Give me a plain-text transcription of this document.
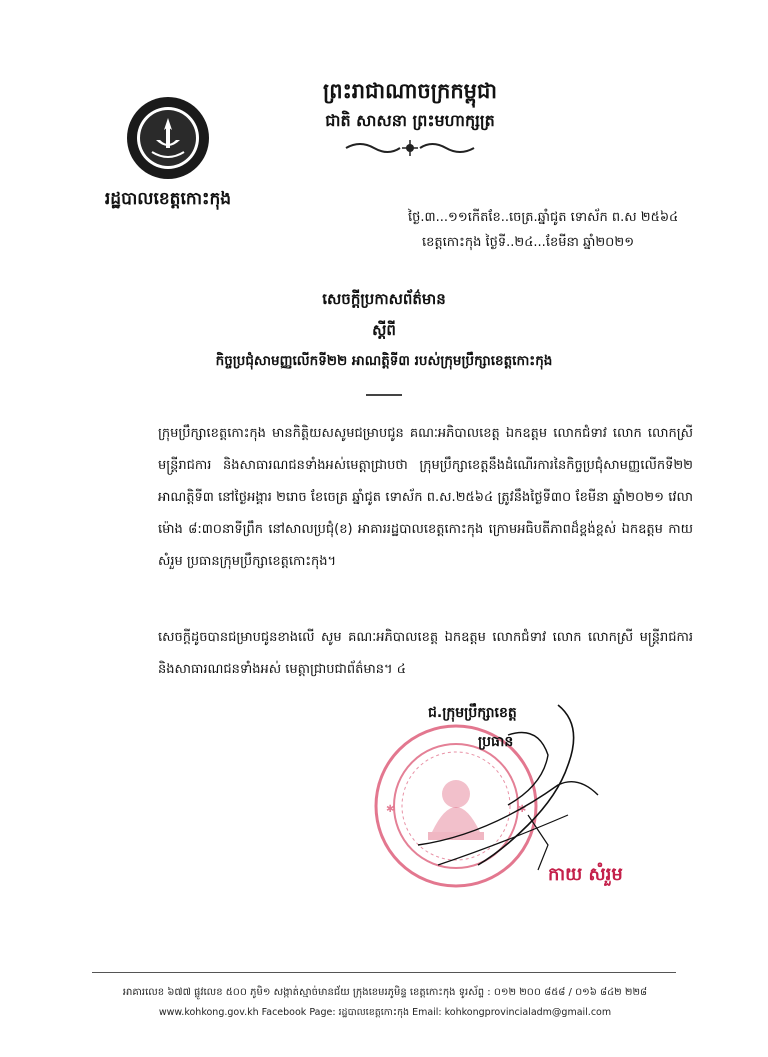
រដ្ឋបាលខេត្តកោះកុង
ព្រះរាជាណាចក្រកម្ពុជា
ជាតិ សាសនា ព្រះមហាក្សត្រ
ថ្ងៃ.៣...១១កើតខែ..ចេត្រ.ឆ្នាំជូត ទោស័ក ព.ស ២៥៦៤
ខេត្តកោះកុង ថ្ងៃទី..២៤...ខែមីនា ឆ្នាំ២០២១
សេចក្តីប្រកាសព័ត៌មាន
ស្តីពី
កិច្ចប្រជុំសាមញ្ញលើកទី២២ អាណត្តិទី៣ របស់ក្រុមប្រឹក្សាខេត្តកោះកុង
ក្រុមប្រឹក្សាខេត្តកោះកុង មានកិត្តិយសសូមជម្រាបជូន គណៈអភិបាលខេត្ត ឯកឧត្តម លោកជំទាវ លោក លោកស្រី មន្ត្រីរាជការ និងសាធារណជនទាំងអស់មេត្តាជ្រាបថា ក្រុមប្រឹក្សាខេត្តនឹងដំណើរការនៃកិច្ចប្រជុំសាមញ្ញលើកទី២២ អាណត្តិទី៣ នៅថ្ងៃអង្គារ ២រោច ខែចេត្រ ឆ្នាំជូត ទោស័ក ព.ស.២៥៦៤ ត្រូវនឹងថ្ងៃទី៣០ ខែមីនា ឆ្នាំ២០២១ វេលាម៉ោង ៨:៣០នាទីព្រឹក នៅសាលប្រជុំ(ខ) អាគាររដ្ឋបាលខេត្តកោះកុង ក្រោមអធិបតីភាពដ៏ខ្ពង់ខ្ពស់ ឯកឧត្តម កាយ សំរួម ប្រធានក្រុមប្រឹក្សាខេត្តកោះកុង។
សេចក្តីដូចបានជម្រាបជូនខាងលើ សូម គណៈអភិបាលខេត្ត ឯកឧត្តម លោកជំទាវ លោក លោកស្រី មន្ត្រីរាជការ និងសាធារណជនទាំងអស់ មេត្តាជ្រាបជាព័ត៌មាន។ ៤
✱	✱
ជ.ក្រុមប្រឹក្សាខេត្ត
ប្រធាន
កាយ សំរួម
អាគារលេខ ៦៧៧ ផ្លូវលេខ ៥០០ ភូមិ១ សង្កាត់ស្មាច់មានជ័យ ក្រុងខេមរភូមិន្ទ ខេត្តកោះកុង ទូរស័ព្ទ : ០១២ ២០០ ៨៥៨ / ០១៦ ៨៤២ ២២៨
www.kohkong.gov.kh Facebook Page: រដ្ឋបាលខេត្តកោះកុង Email: kohkongprovincialadm@gmail.com
